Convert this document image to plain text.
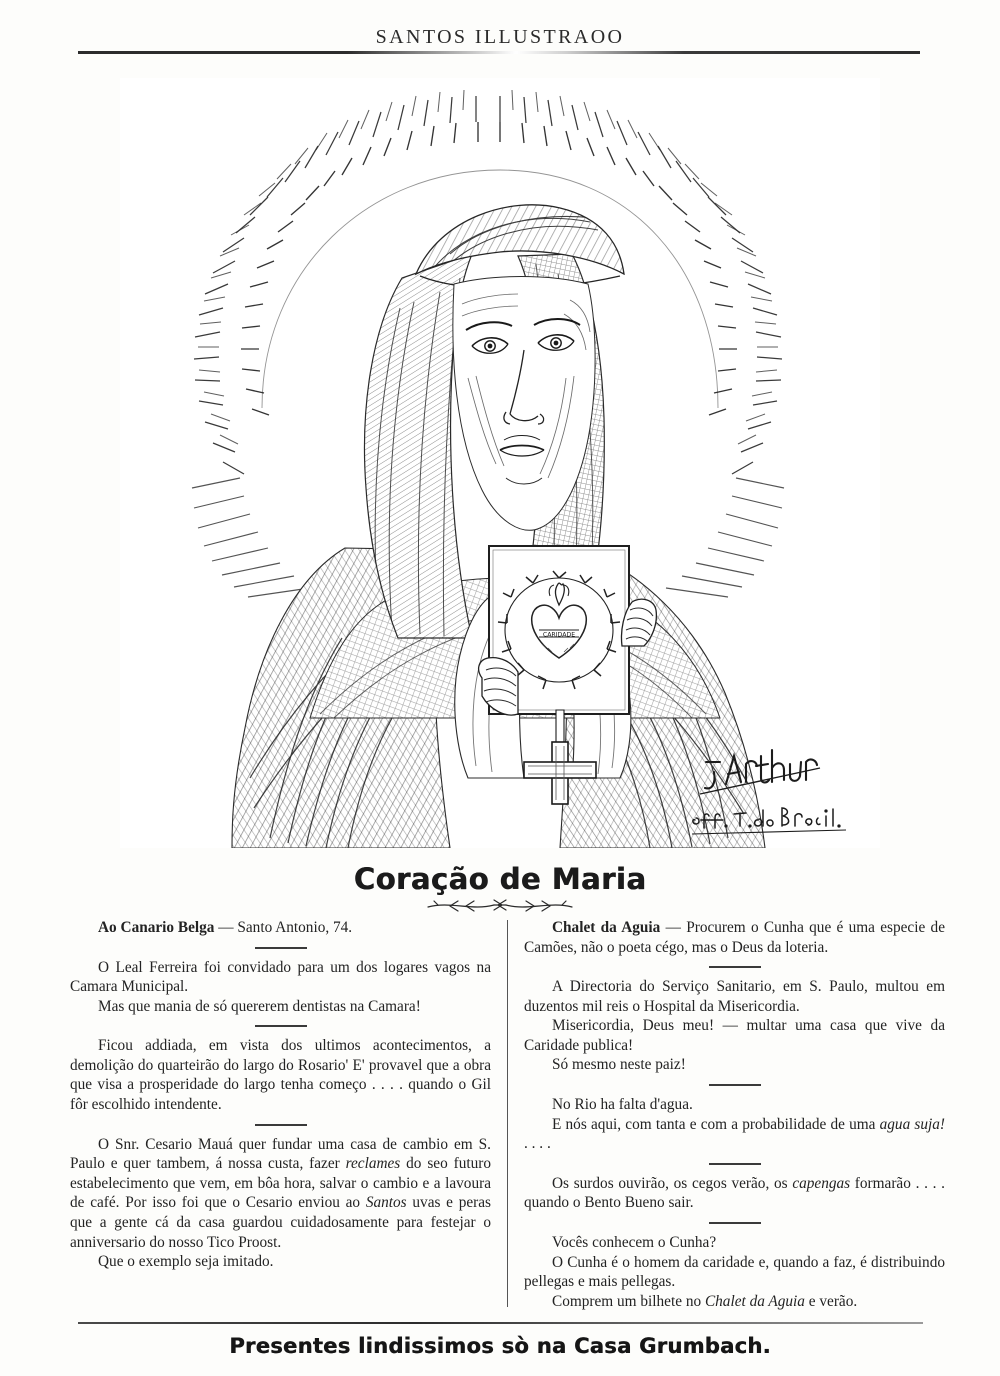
SANTOS ILLUSTRAOO
CARIDADE
Coração de Maria

Ao Canario Belga — Santo Antonio, 74.

O Leal Ferreira foi convidado para um dos logares vagos na Camara Municipal.

Mas que mania de só quererem dentistas na Camara!

Ficou addiada, em vista dos ultimos acontecimentos, a demolição do quarteirão do largo do Rosario' E' provavel que a obra que visa a prosperidade do largo tenha começo . . . . quando o Gil fôr escolhido intendente.

O Snr. Cesario Mauá quer fundar uma casa de cambio em S. Paulo e quer tambem, á nossa custa, fazer reclames do seo futuro estabelecimento que vem, em bôa hora, salvar o cambio e a lavoura de café. Por isso foi que o Cesario enviou ao Santos uvas e peras que a gente cá da casa guardou cuidadosamente para festejar o anniversario do nosso Tico Proost.

Que o exemplo seja imitado.

Chalet da Aguia — Procurem o Cunha que é uma especie de Camões, não o poeta cégo, mas o Deus da loteria.

A Directoria do Serviço Sanitario, em S. Paulo, multou em duzentos mil reis o Hospital da Misericordia.

Misericordia, Deus meu! — multar uma casa que vive da Caridade publica!

Só mesmo neste paiz!

No Rio ha falta d'agua.

E nós aqui, com tanta e com a probabilidade de uma agua suja! . . . .

Os surdos ouvirão, os cegos verão, os capengas formarão . . . . quando o Bento Bueno sair.

Vocês conhecem o Cunha?

O Cunha é o homem da caridade e, quando a faz, é distribuindo pellegas e mais pellegas.

Comprem um bilhete no Chalet da Aguia e verão.

Presentes lindissimos sò na Casa Grumbach.
